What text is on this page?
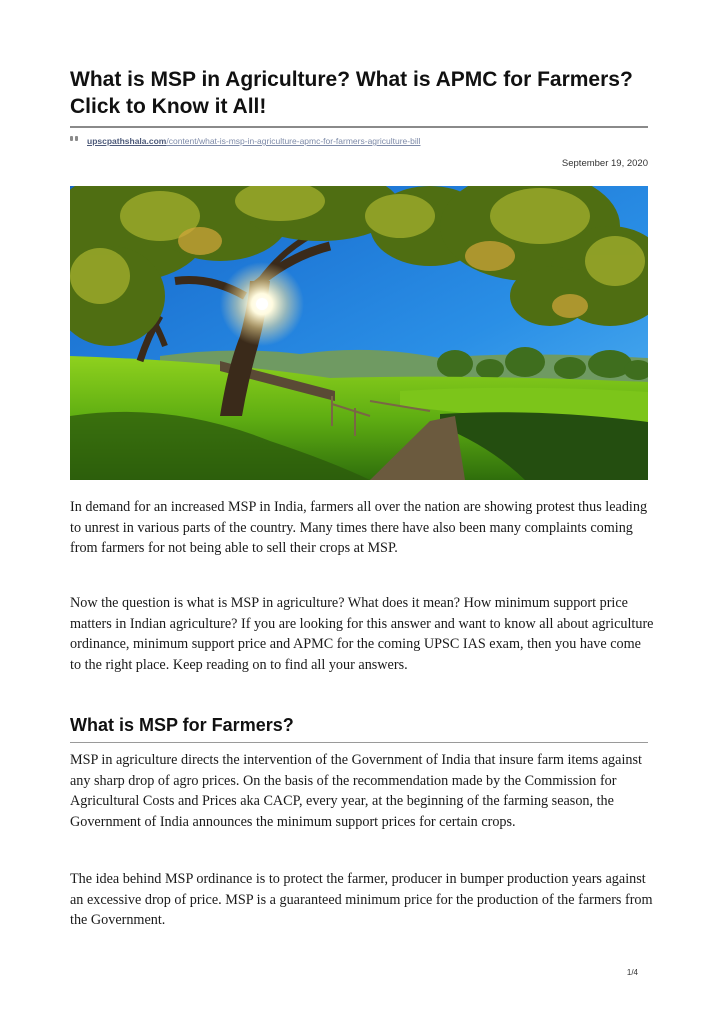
What is MSP in Agriculture? What is APMC for Farmers? Click to Know it All!
upscpathshala.com/content/what-is-msp-in-agriculture-apmc-for-farmers-agriculture-bill
September 19, 2020

In demand for an increased MSP in India, farmers all over the nation are showing protest thus leading to unrest in various parts of the country. Many times there have also been many complaints coming from farmers for not being able to sell their crops at MSP.

Now the question is what is MSP in agriculture? What does it mean? How minimum support price matters in Indian agriculture? If you are looking for this answer and want to know all about agriculture ordinance, minimum support price and APMC for the coming UPSC IAS exam, then you have come to the right place. Keep reading on to find all your answers.

What is MSP for Farmers?

MSP in agriculture directs the intervention of the Government of India that insure farm items against any sharp drop of agro prices. On the basis of the recommendation made by the Commission for Agricultural Costs and Prices aka CACP, every year, at the beginning of the farming season, the Government of India announces the minimum support prices for certain crops.

The idea behind MSP ordinance is to protect the farmer, producer in bumper production years against an excessive drop of price. MSP is a guaranteed minimum price for the production of the farmers from the Government.

1/4
